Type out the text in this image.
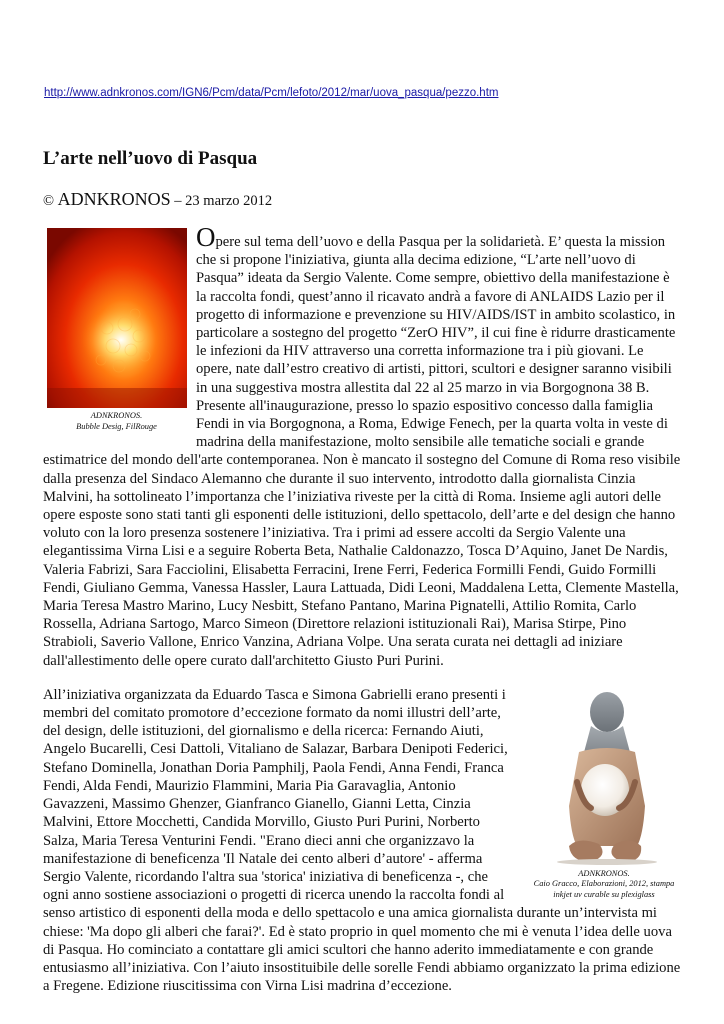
http://www.adnkronos.com/IGN6/Pcm/data/Pcm/lefoto/2012/mar/uova_pasqua/pezzo.htm
L’arte nell’uovo di Pasqua
© ADNKRONOS – 23 marzo 2012
ADNKRONOS.
Bubble Desig, FilRouge

Opere sul tema dell’uovo e della Pasqua per la solidarietà. E’ questa la mission che si propone l'iniziativa, giunta alla decima edizione, “L’arte nell’uovo di Pasqua” ideata da Sergio Valente. Come sempre, obiettivo della manifestazione è la raccolta fondi, quest’anno il ricavato andrà a favore di ANLAIDS Lazio per il progetto di informazione e prevenzione su HIV/AIDS/IST in ambito scolastico, in particolare a sostegno del progetto “ZerO HIV”, il cui fine è ridurre drasticamente le infezioni da HIV attraverso una corretta informazione tra i più giovani. Le opere, nate dall’estro creativo di artisti, pittori, scultori e designer saranno visibili in una suggestiva mostra allestita dal 22 al 25 marzo in via Borgognona 38 B. Presente all'inaugurazione, presso lo spazio espositivo concesso dalla famiglia Fendi in via Borgognona, a Roma, Edwige Fenech, per la quarta volta in veste di madrina della manifestazione, molto sensibile alle tematiche sociali e grande estimatrice del mondo dell'arte contemporanea. Non è mancato il sostegno del Comune di Roma reso visibile dalla presenza del Sindaco Alemanno che durante il suo intervento, introdotto dalla giornalista Cinzia Malvini, ha sottolineato l’importanza che l’iniziativa riveste per la città di Roma. Insieme agli autori delle opere esposte sono stati tanti gli esponenti delle istituzioni, dello spettacolo, dell’arte e del design che hanno voluto con la loro presenza sostenere l’iniziativa. Tra i primi ad essere accolti da Sergio Valente una elegantissima Virna Lisi e a seguire Roberta Beta, Nathalie Caldonazzo, Tosca D’Aquino, Janet De Nardis, Valeria Fabrizi, Sara Facciolini, Elisabetta Ferracini, Irene Ferri, Federica Formilli Fendi, Guido Formilli Fendi, Giuliano Gemma, Vanessa Hassler, Laura Lattuada, Didi Leoni, Maddalena Letta, Clemente Mastella, Maria Teresa Mastro Marino, Lucy Nesbitt, Stefano Pantano, Marina Pignatelli, Attilio Romita, Carlo Rossella, Adriana Sartogo, Marco Simeon (Direttore relazioni istituzionali Rai), Marisa Stirpe, Pino Strabioli, Saverio Vallone, Enrico Vanzina, Adriana Volpe. Una serata curata nei dettagli ad iniziare dall'allestimento delle opere curato dall'architetto Giusto Puri Purini.

ADNKRONOS.
Caio Gracco, Elaborazioni, 2012, stampa
inkjet uv curable su plexiglass
All’iniziativa organizzata da Eduardo Tasca e Simona Gabrielli erano presenti i membri del comitato promotore d’eccezione formato da nomi illustri dell’arte, del design, delle istituzioni, del giornalismo e della ricerca: Fernando Aiuti, Angelo Bucarelli, Cesi Dattoli, Vitaliano de Salazar, Barbara Denipoti Federici, Stefano Dominella, Jonathan Doria Pamphilj, Paola Fendi, Anna Fendi, Franca Fendi, Alda Fendi, Maurizio Flammini, Maria Pia Garavaglia, Antonio Gavazzeni, Massimo Ghenzer, Gianfranco Gianello, Gianni Letta, Cinzia Malvini, Ettore Mocchetti, Candida Morvillo, Giusto Puri Purini, Norberto Salza, Maria Teresa Venturini Fendi. "Erano dieci anni che organizzavo la manifestazione di beneficenza 'Il Natale dei cento alberi d’autore' - afferma Sergio Valente, ricordando l'altra sua 'storica' iniziativa di beneficenza -, che ogni anno sostiene associazioni o progetti di ricerca unendo la raccolta fondi al senso artistico di esponenti della moda e dello spettacolo e una amica giornalista durante un’intervista mi chiese: 'Ma dopo gli alberi che farai?'. Ed è stato proprio in quel momento che mi è venuta l’idea delle uova di Pasqua. Ho cominciato a contattare gli amici scultori che hanno aderito immediatamente e con grande entusiasmo all’iniziativa. Con l’aiuto insostituibile delle sorelle Fendi abbiamo organizzato la prima edizione a Fregene. Edizione riuscitissima con Virna Lisi madrina d’eccezione.
